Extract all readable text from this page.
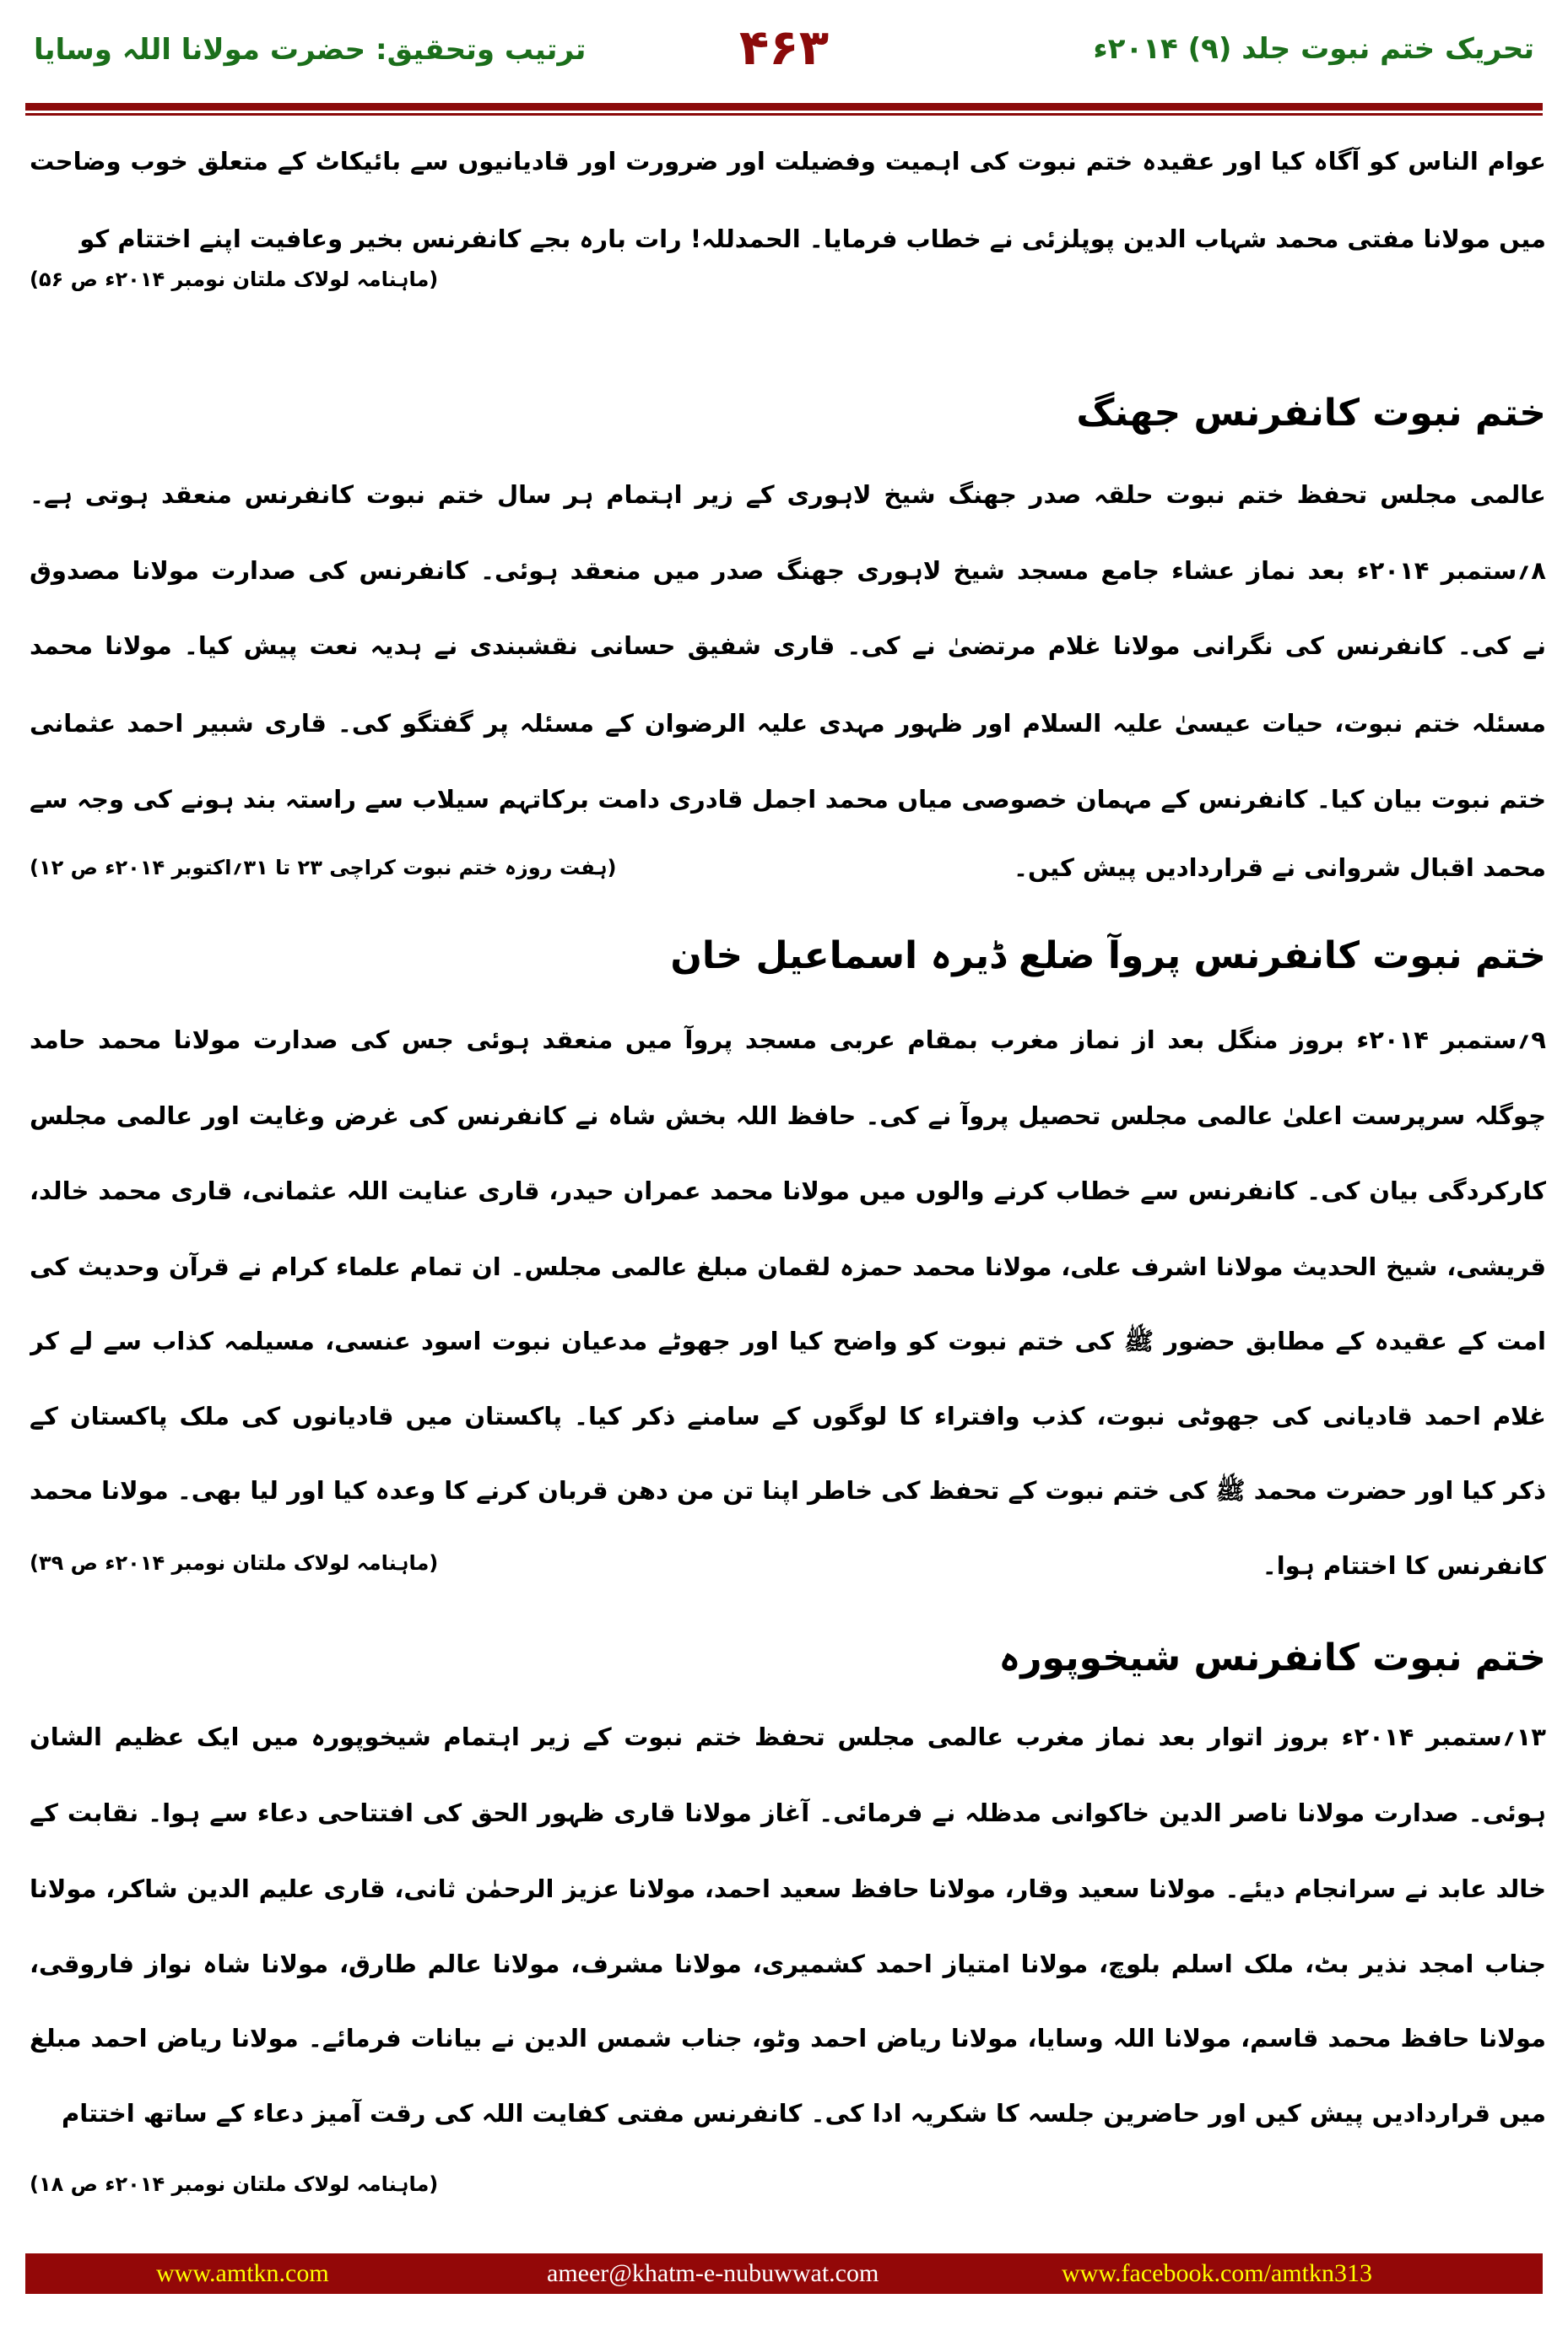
تحریک ختم نبوت جلد (۹) ۲۰۱۴ء
۴۶۳
ترتیب وتحقیق: حضرت مولانا اللہ وسایا
عوام الناس کو آگاہ کیا اور عقیدہ ختم نبوت کی اہمیت وفضیلت اور ضرورت اور قادیانیوں سے بائیکاٹ کے متعلق خوب وضاحت
میں مولانا مفتی محمد شہاب الدین پوپلزئی نے خطاب فرمایا۔ الحمدللہ! رات بارہ بجے کانفرنس بخیر وعافیت اپنے اختتام کو
(ماہنامہ لولاک ملتان نومبر ۲۰۱۴ء ص ۵۶)
ختم نبوت کانفرنس جھنگ
عالمی مجلس تحفظ ختم نبوت حلقہ صدر جھنگ شیخ لاہوری کے زیر اہتمام ہر سال ختم نبوت کانفرنس منعقد ہوتی ہے۔
۸؍ستمبر ۲۰۱۴ء بعد نماز عشاء جامع مسجد شیخ لاہوری جھنگ صدر میں منعقد ہوئی۔ کانفرنس کی صدارت مولانا مصدوق
نے کی۔ کانفرنس کی نگرانی مولانا غلام مرتضیٰ نے کی۔ قاری شفیق حسانی نقشبندی نے ہدیہ نعت پیش کیا۔ مولانا محمد
مسئلہ ختم نبوت، حیات عیسیٰ علیہ السلام اور ظہور مہدی علیہ الرضوان کے مسئلہ پر گفتگو کی۔ قاری شبیر احمد عثمانی
ختم نبوت بیان کیا۔ کانفرنس کے مہمان خصوصی میاں محمد اجمل قادری دامت برکاتہم سیلاب سے راستہ بند ہونے کی وجہ سے
محمد اقبال شروانی نے قراردادیں پیش کیں۔
(ہفت روزہ ختم نبوت کراچی ۲۳ تا ۳۱؍اکتوبر ۲۰۱۴ء ص ۱۲)
ختم نبوت کانفرنس پروآ ضلع ڈیرہ اسماعیل خان
۹؍ستمبر ۲۰۱۴ء بروز منگل بعد از نماز مغرب بمقام عربی مسجد پروآ میں منعقد ہوئی جس کی صدارت مولانا محمد حامد
چوگلہ سرپرست اعلیٰ عالمی مجلس تحصیل پروآ نے کی۔ حافظ اللہ بخش شاہ نے کانفرنس کی غرض وغایت اور عالمی مجلس
کارکردگی بیان کی۔ کانفرنس سے خطاب کرنے والوں میں مولانا محمد عمران حیدر، قاری عنایت اللہ عثمانی، قاری محمد خالد،
قریشی، شیخ الحدیث مولانا اشرف علی، مولانا محمد حمزہ لقمان مبلغ عالمی مجلس۔ ان تمام علماء کرام نے قرآن وحدیث کی
امت کے عقیدہ کے مطابق حضور ﷺ کی ختم نبوت کو واضح کیا اور جھوٹے مدعیان نبوت اسود عنسی، مسیلمہ کذاب سے لے کر
غلام احمد قادیانی کی جھوٹی نبوت، کذب وافتراء کا لوگوں کے سامنے ذکر کیا۔ پاکستان میں قادیانوں کی ملک پاکستان کے
ذکر کیا اور حضرت محمد ﷺ کی ختم نبوت کے تحفظ کی خاطر اپنا تن من دھن قربان کرنے کا وعدہ کیا اور لیا بھی۔ مولانا محمد
کانفرنس کا اختتام ہوا۔
(ماہنامہ لولاک ملتان نومبر ۲۰۱۴ء ص ۳۹)
ختم نبوت کانفرنس شیخوپورہ
۱۳؍ستمبر ۲۰۱۴ء بروز اتوار بعد نماز مغرب عالمی مجلس تحفظ ختم نبوت کے زیر اہتمام شیخوپورہ میں ایک عظیم الشان
ہوئی۔ صدارت مولانا ناصر الدین خاکوانی مدظلہ نے فرمائی۔ آغاز مولانا قاری ظہور الحق کی افتتاحی دعاء سے ہوا۔ نقابت کے
خالد عابد نے سرانجام دیئے۔ مولانا سعید وقار، مولانا حافظ سعید احمد، مولانا عزیز الرحمٰن ثانی، قاری علیم الدین شاکر، مولانا
جناب امجد نذیر بٹ، ملک اسلم بلوچ، مولانا امتیاز احمد کشمیری، مولانا مشرف، مولانا عالم طارق، مولانا شاہ نواز فاروقی،
مولانا حافظ محمد قاسم، مولانا اللہ وسایا، مولانا ریاض احمد وٹو، جناب شمس الدین نے بیانات فرمائے۔ مولانا ریاض احمد مبلغ
میں قراردادیں پیش کیں اور حاضرین جلسہ کا شکریہ ادا کی۔ کانفرنس مفتی کفایت اللہ کی رقت آمیز دعاء کے ساتھ اختتام
(ماہنامہ لولاک ملتان نومبر ۲۰۱۴ء ص ۱۸)
www.amtkn.com	ameer@khatm-e-nubuwwat.com	www.facebook.com/amtkn313
